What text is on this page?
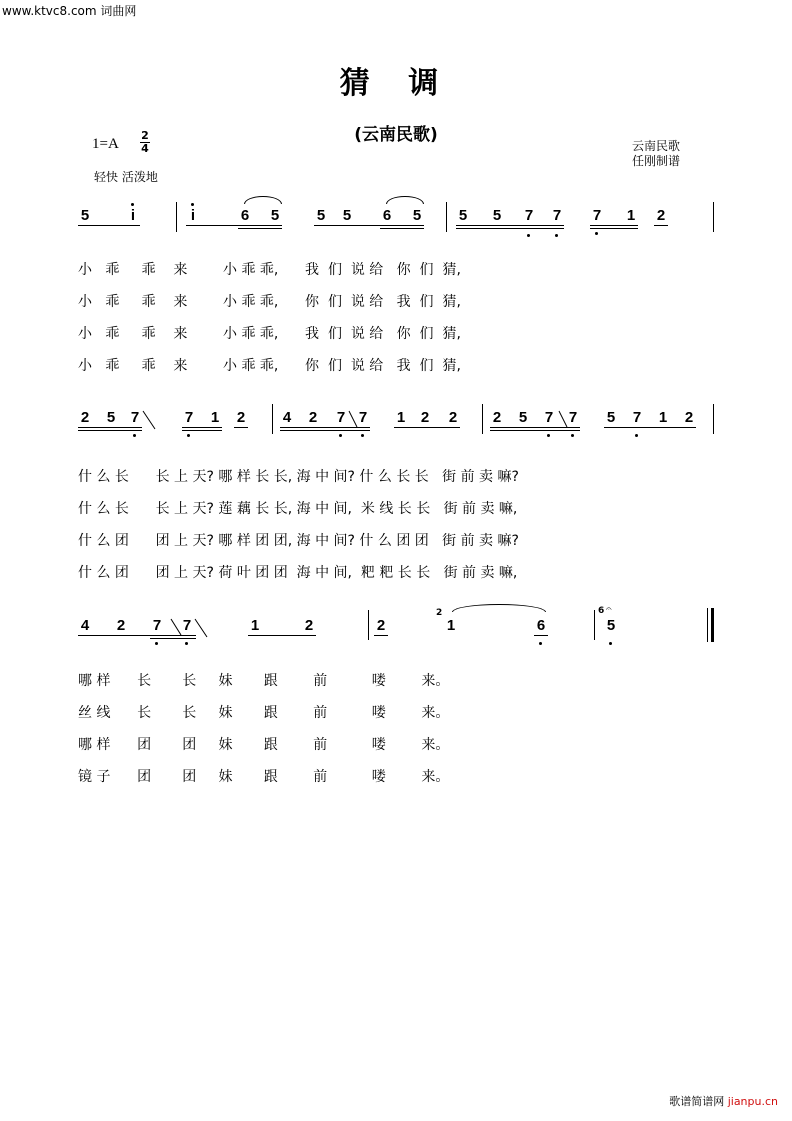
www.ktvc8.com 词曲网
猜 调
(云南民歌)
1=A
2
4
轻快 活泼地
云南民歌
任刚制谱
5	i	i	6 5	5 5 6 5	5 5 7 7 7 1 2
小   乖     乖    来        小 乖 乖,      我  们  说 给   你  们  猜,
小   乖     乖    来        小 乖 乖,      你  们  说 给   我  们  猜,
小   乖     乖    来        小 乖 乖,      我  们  说 给   你  们  猜,
小   乖     乖    来        小 乖 乖,      你  们  说 给   我  们  猜,
2 5 7	7 1 2	4 2 7 7 1 2 2 2 5 7 7 5 7 1 2
什 么 长      长 上 天? 哪 样 长 长, 海 中 间? 什 么 长 长   街 前 卖 嘛?
什 么 长      长 上 天? 莲 藕 长 长, 海 中 间,  米 线 长 长   街 前 卖 嘛,
什 么 团      团 上 天? 哪 样 团 团, 海 中 间? 什 么 团 团   街 前 卖 嘛?
什 么 团      团 上 天? 荷 叶 团 团  海 中 间,  粑 粑 长 长   街 前 卖 嘛,
4 2 7 7	1	2	2
2
1	6
6 𝄐
5
哪 样      长       长     妹       跟        前          喽        来。
丝 线      长       长     妹       跟        前          喽        来。
哪 样      团       团     妹       跟        前          喽        来。
镜 子      团       团     妹       跟        前          喽        来。
歌谱简谱网 jianpu.cn
